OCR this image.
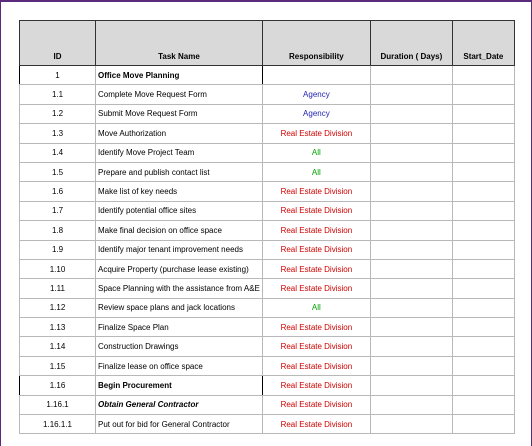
ID	Task Name	Responsibility	Duration ( Days)	Start_Date
1	Office Move Planning			
1.1	Complete Move Request Form	Agency		
1.2	Submit Move Request Form	Agency		
1.3	Move Authorization	Real Estate Division		
1.4	Identify Move Project Team	All		
1.5	Prepare and publish contact list	All		
1.6	Make list of key needs	Real Estate Division		
1.7	Identify potential office sites	Real Estate Division		
1.8	Make final decision on office space	Real Estate Division		
1.9	Identify major tenant improvement needs	Real Estate Division		
1.10	Acquire Property (purchase lease existing)	Real Estate Division		
1.11	Space Planning with the assistance from A&E	Real Estate Division		
1.12	Review space plans and jack locations	All		
1.13	Finalize Space Plan	Real Estate Division		
1.14	Construction Drawings	Real Estate Division		
1.15	Finalize lease on office space	Real Estate Division		
1.16	Begin Procurement	Real Estate Division		
1.16.1	Obtain General Contractor	Real Estate Division		
1.16.1.1	Put out for bid for General Contractor	Real Estate Division		
